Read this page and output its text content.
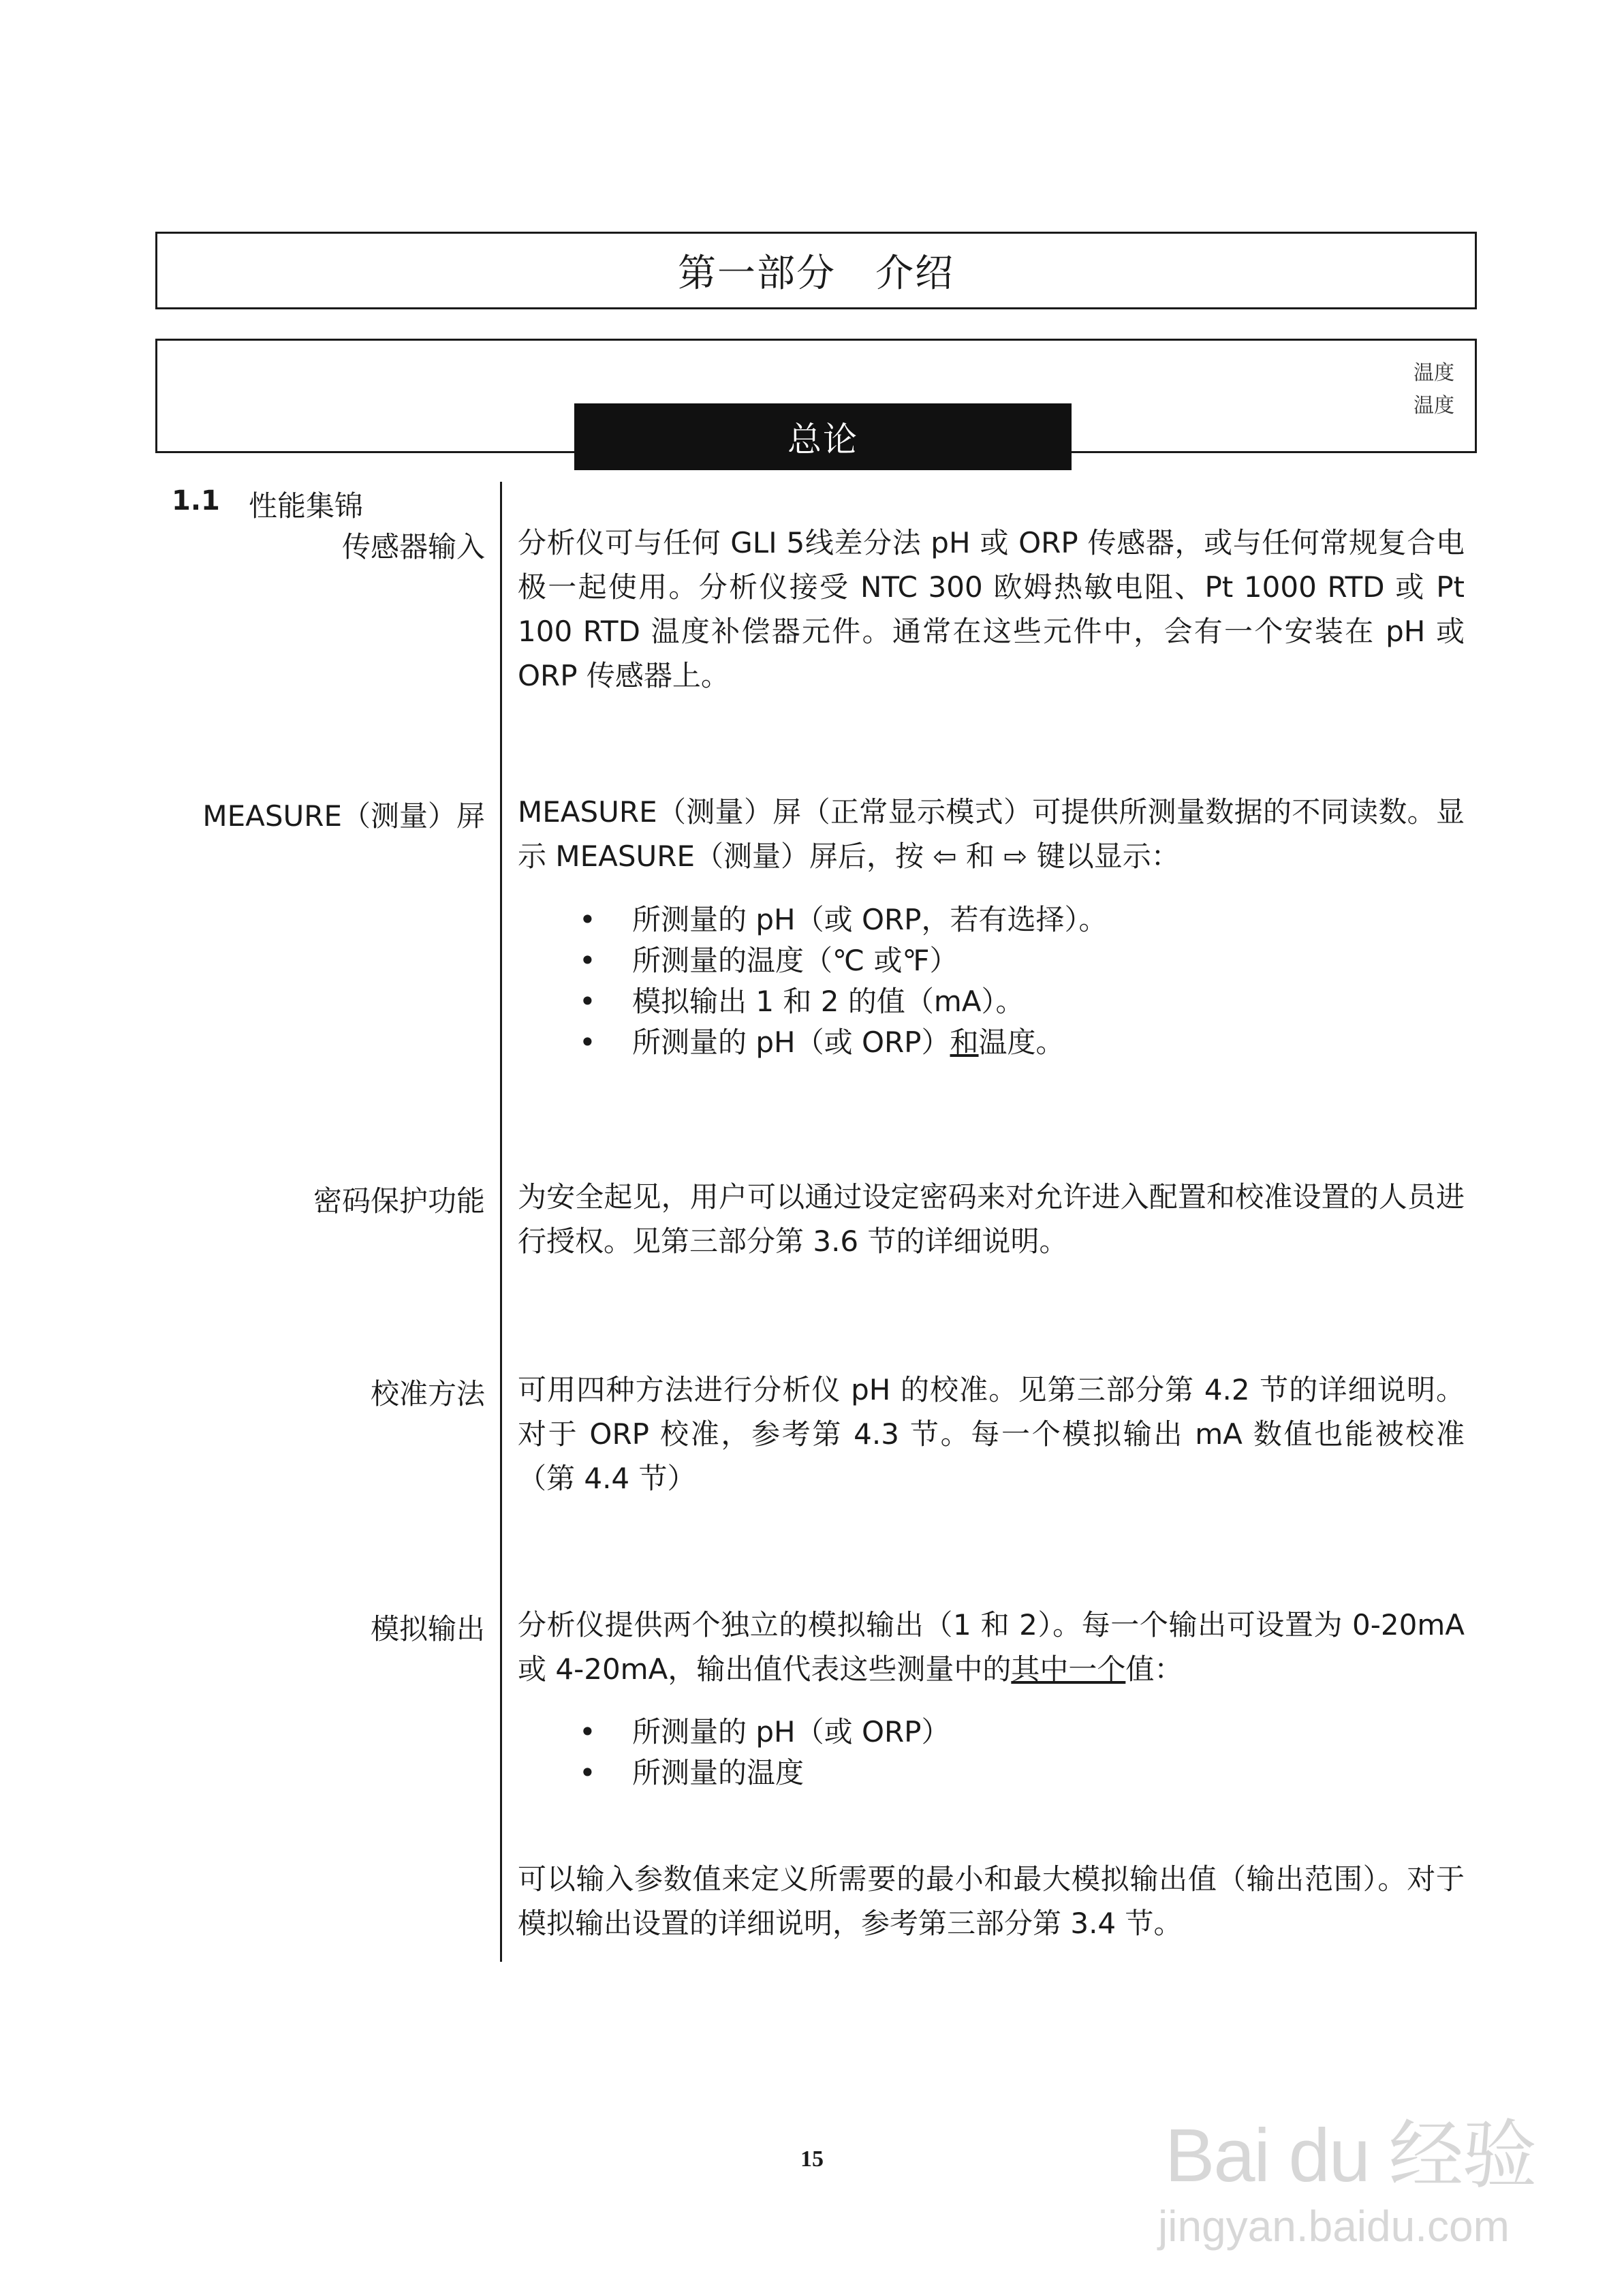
第一部分　介绍
温度
温度
总论
1.1 性能集锦
传感器输入 分析仪可与任何 GLI 5线差分法 pH 或 ORP 传感器，或与任何常规复合电极一起使用。分析仪接受 NTC 300 欧姆热敏电阻、Pt 1000 RTD 或 Pt 100 RTD 温度补偿器元件。通常在这些元件中，会有一个安装在 pH 或 ORP 传感器上。
MEASURE（测量）屏 MEASURE（测量）屏（正常显示模式）可提供所测量数据的不同读数。显示 MEASURE（测量）屏后，按 ⇦ 和 ⇨ 键以显示：
• 所测量的 pH（或 ORP，若有选择）。
• 所测量的温度（℃ 或℉）
• 模拟输出 1 和 2 的值（mA）。
• 所测量的 pH（或 ORP）和温度。
密码保护功能 为安全起见，用户可以通过设定密码来对允许进入配置和校准设置的人员进行授权。见第三部分第 3.6 节的详细说明。
校准方法 可用四种方法进行分析仪 pH 的校准。见第三部分第 4.2 节的详细说明。对于 ORP 校准，参考第 4.3 节。每一个模拟输出 mA 数值也能被校准（第 4.4 节）
模拟输出 分析仪提供两个独立的模拟输出（1 和 2）。每一个输出可设置为 0-20mA 或 4-20mA，输出值代表这些测量中的其中一个值：
• 所测量的 pH（或 ORP）
• 所测量的温度
可以输入参数值来定义所需要的最小和最大模拟输出值（输出范围）。对于模拟输出设置的详细说明，参考第三部分第 3.4 节。
15	Bai du 经验
jingyan.baidu.com
